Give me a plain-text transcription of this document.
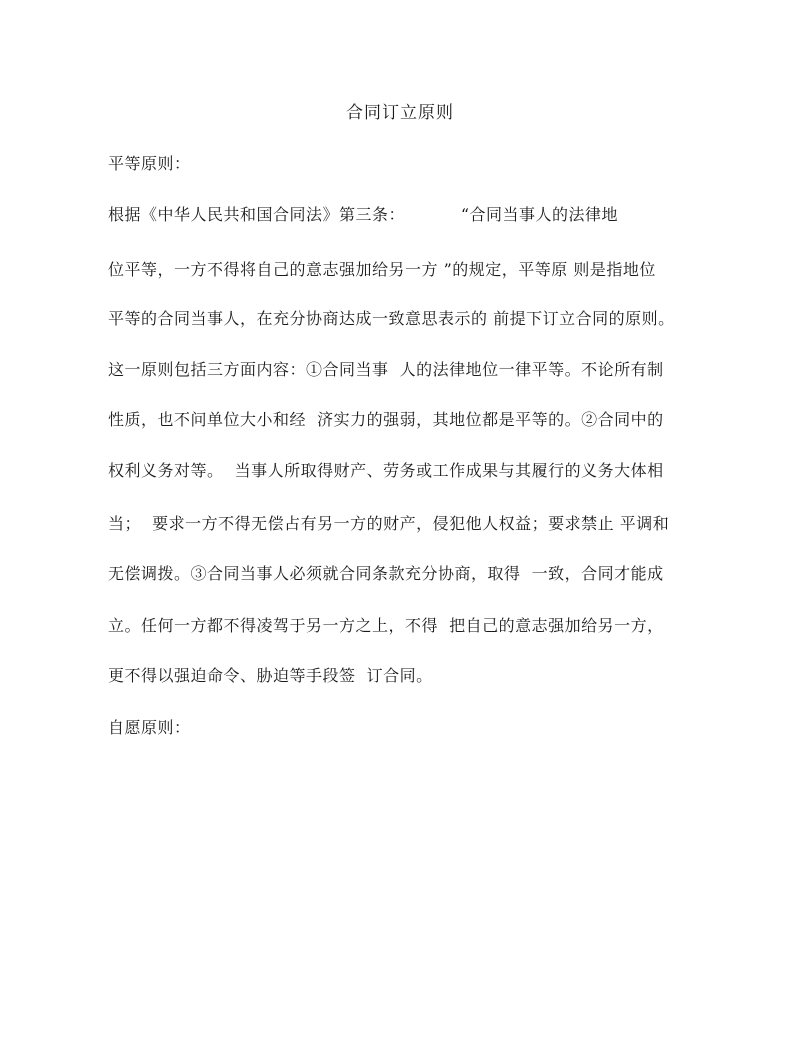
合同订立原则
平等原则：
根据《中华人民共和国合同法》第三条：          “合同当事人的法律地
位平等，一方不得将自己的意志强加给另一方 ”的规定，平等原 则是指地位
平等的合同当事人，在充分协商达成一致意思表示的 前提下订立合同的原则。
这一原则包括三方面内容：①合同当事  人的法律地位一律平等。不论所有制
性质，也不问单位大小和经  济实力的强弱，其地位都是平等的。②合同中的
权利义务对等。  当事人所取得财产、劳务或工作成果与其履行的义务大体相
当；  要求一方不得无偿占有另一方的财产，侵犯他人权益；要求禁止 平调和
无偿调拨。③合同当事人必须就合同条款充分协商，取得  一致，合同才能成
立。任何一方都不得凌驾于另一方之上，不得  把自己的意志强加给另一方，
更不得以强迫命令、胁迫等手段签  订合同。
自愿原则：
